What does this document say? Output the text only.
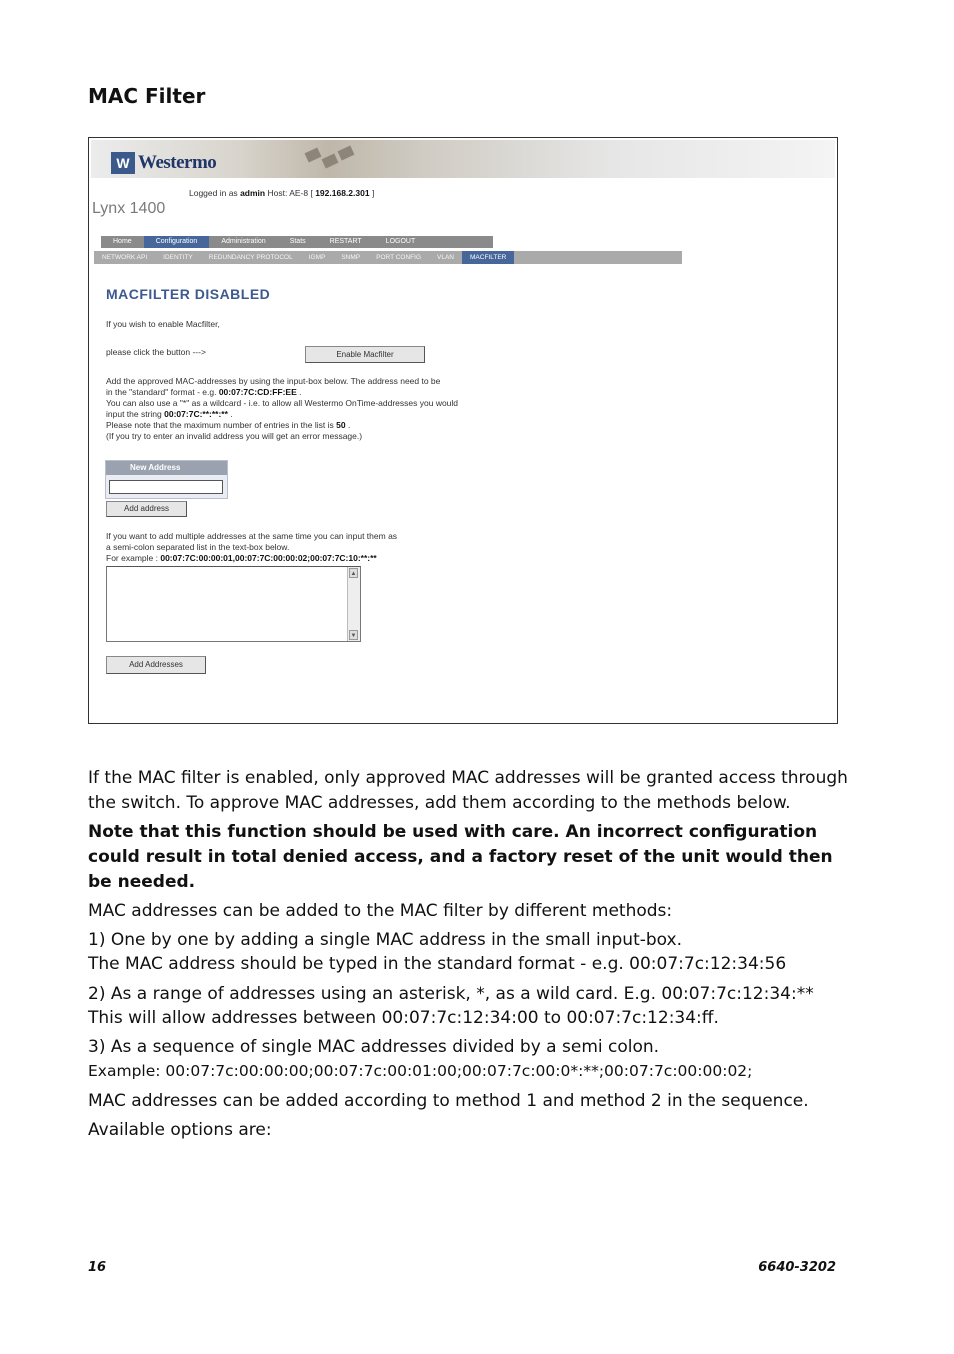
MAC Filter
W Westermo
Logged in as admin Host: AE-8 [ 192.168.2.301 ]
Lynx 1400
Home	Configuration	Administration	Stats	RESTART	LOGOUT
NETWORK API	IDENTITY	REDUNDANCY PROTOCOL	IGMP	SNMP	PORT CONFIG	VLAN	MACFILTER
MACFILTER DISABLED
If you wish to enable Macfilter,
please click the button --->	Enable Macfilter
Add the approved MAC-addresses by using the input-box below. The address need to be
in the "standard" format - e.g. 00:07:7C:CD:FF:EE .
You can also use a "*" as a wildcard - i.e. to allow all Westermo OnTime-addresses you would
input the string 00:07:7C:**:**:** .
Please note that the maximum number of entries in the list is 50 .
(If you try to enter an invalid address you will get an error message.)
New Address
Add address
If you want to add multiple addresses at the same time you can input them as
a semi-colon separated list in the text-box below.
For example : 00:07:7C:00:00:01,00:07:7C:00:00:02;00:07:7C:10:**:**
▲
▼
Add Addresses

If the MAC filter is enabled, only approved MAC addresses will be granted access through the switch. To approve MAC addresses, add them according to the methods below.

Note that this function should be used with care. An incorrect configuration could result in total denied access, and a factory reset of the unit would then be needed.

MAC addresses can be added to the MAC filter by different methods:

1) One by one by adding a single MAC address in the small input-box.

The MAC address should be typed in the standard format - e.g. 00:07:7c:12:34:56

2) As a range of addresses using an asterisk, *, as a wild card. E.g. 00:07:7c:12:34:**

This will allow addresses between 00:07:7c:12:34:00 to 00:07:7c:12:34:ff.

3) As a sequence of single MAC addresses divided by a semi colon.

Example: 00:07:7c:00:00:00;00:07:7c:00:01:00;00:07:7c:00:0*:**;00:07:7c:00:00:02;

MAC addresses can be added according to method 1 and method 2 in the sequence.

Available options are:

16	6640-3202
